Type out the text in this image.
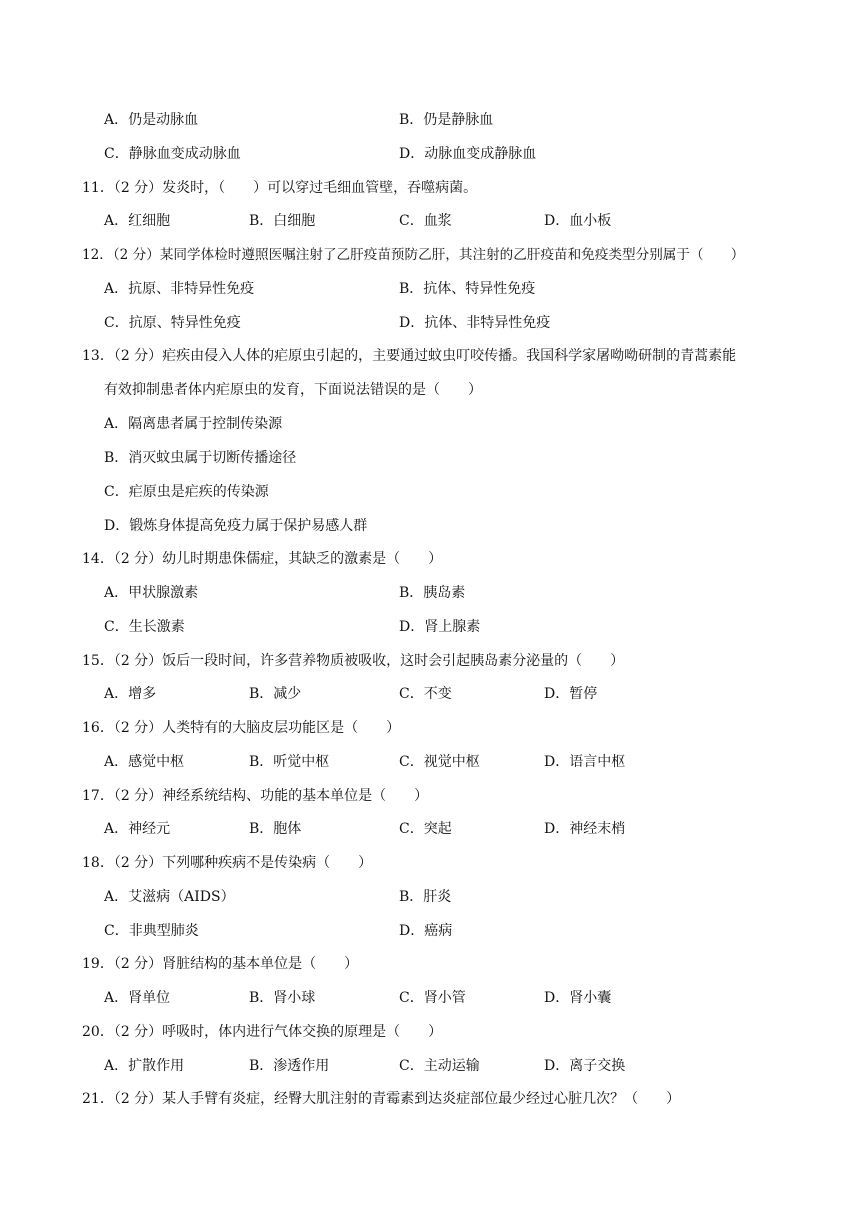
A．仍是动脉血	B．仍是静脉血
C．静脉血变成动脉血	D．动脉血变成静脉血
11．（2 分）发炎时，（　　）可以穿过毛细血管壁，吞噬病菌。
A．红细胞	B．白细胞	C．血浆	D．血小板
12．（2 分）某同学体检时遵照医嘱注射了乙肝疫苗预防乙肝，其注射的乙肝疫苗和免疫类型分别属于（　　）
A．抗原、非特异性免疫	B．抗体、特异性免疫
C．抗原、特异性免疫	D．抗体、非特异性免疫
13．（2 分）疟疾由侵入人体的疟原虫引起的，主要通过蚊虫叮咬传播。我国科学家屠呦呦研制的青蒿素能
有效抑制患者体内疟原虫的发育，下面说法错误的是（　　）
A．隔离患者属于控制传染源
B．消灭蚊虫属于切断传播途径
C．疟原虫是疟疾的传染源
D．锻炼身体提高免疫力属于保护易感人群
14．（2 分）幼儿时期患侏儒症，其缺乏的激素是（　　）
A．甲状腺激素	B．胰岛素
C．生长激素	D．肾上腺素
15．（2 分）饭后一段时间，许多营养物质被吸收，这时会引起胰岛素分泌量的（　　）
A．增多	B．减少	C．不变	D．暂停
16．（2 分）人类特有的大脑皮层功能区是（　　）
A．感觉中枢	B．听觉中枢	C．视觉中枢	D．语言中枢
17．（2 分）神经系统结构、功能的基本单位是（　　）
A．神经元	B．胞体	C．突起	D．神经末梢
18．（2 分）下列哪种疾病不是传染病（　　）
A．艾滋病（AIDS）	B．肝炎
C．非典型肺炎	D．癌病
19．（2 分）肾脏结构的基本单位是（　　）
A．肾单位	B．肾小球	C．肾小管	D．肾小囊
20．（2 分）呼吸时，体内进行气体交换的原理是（　　）
A．扩散作用	B．渗透作用	C．主动运输	D．离子交换
21．（2 分）某人手臂有炎症，经臀大肌注射的青霉素到达炎症部位最少经过心脏几次？（　　）
